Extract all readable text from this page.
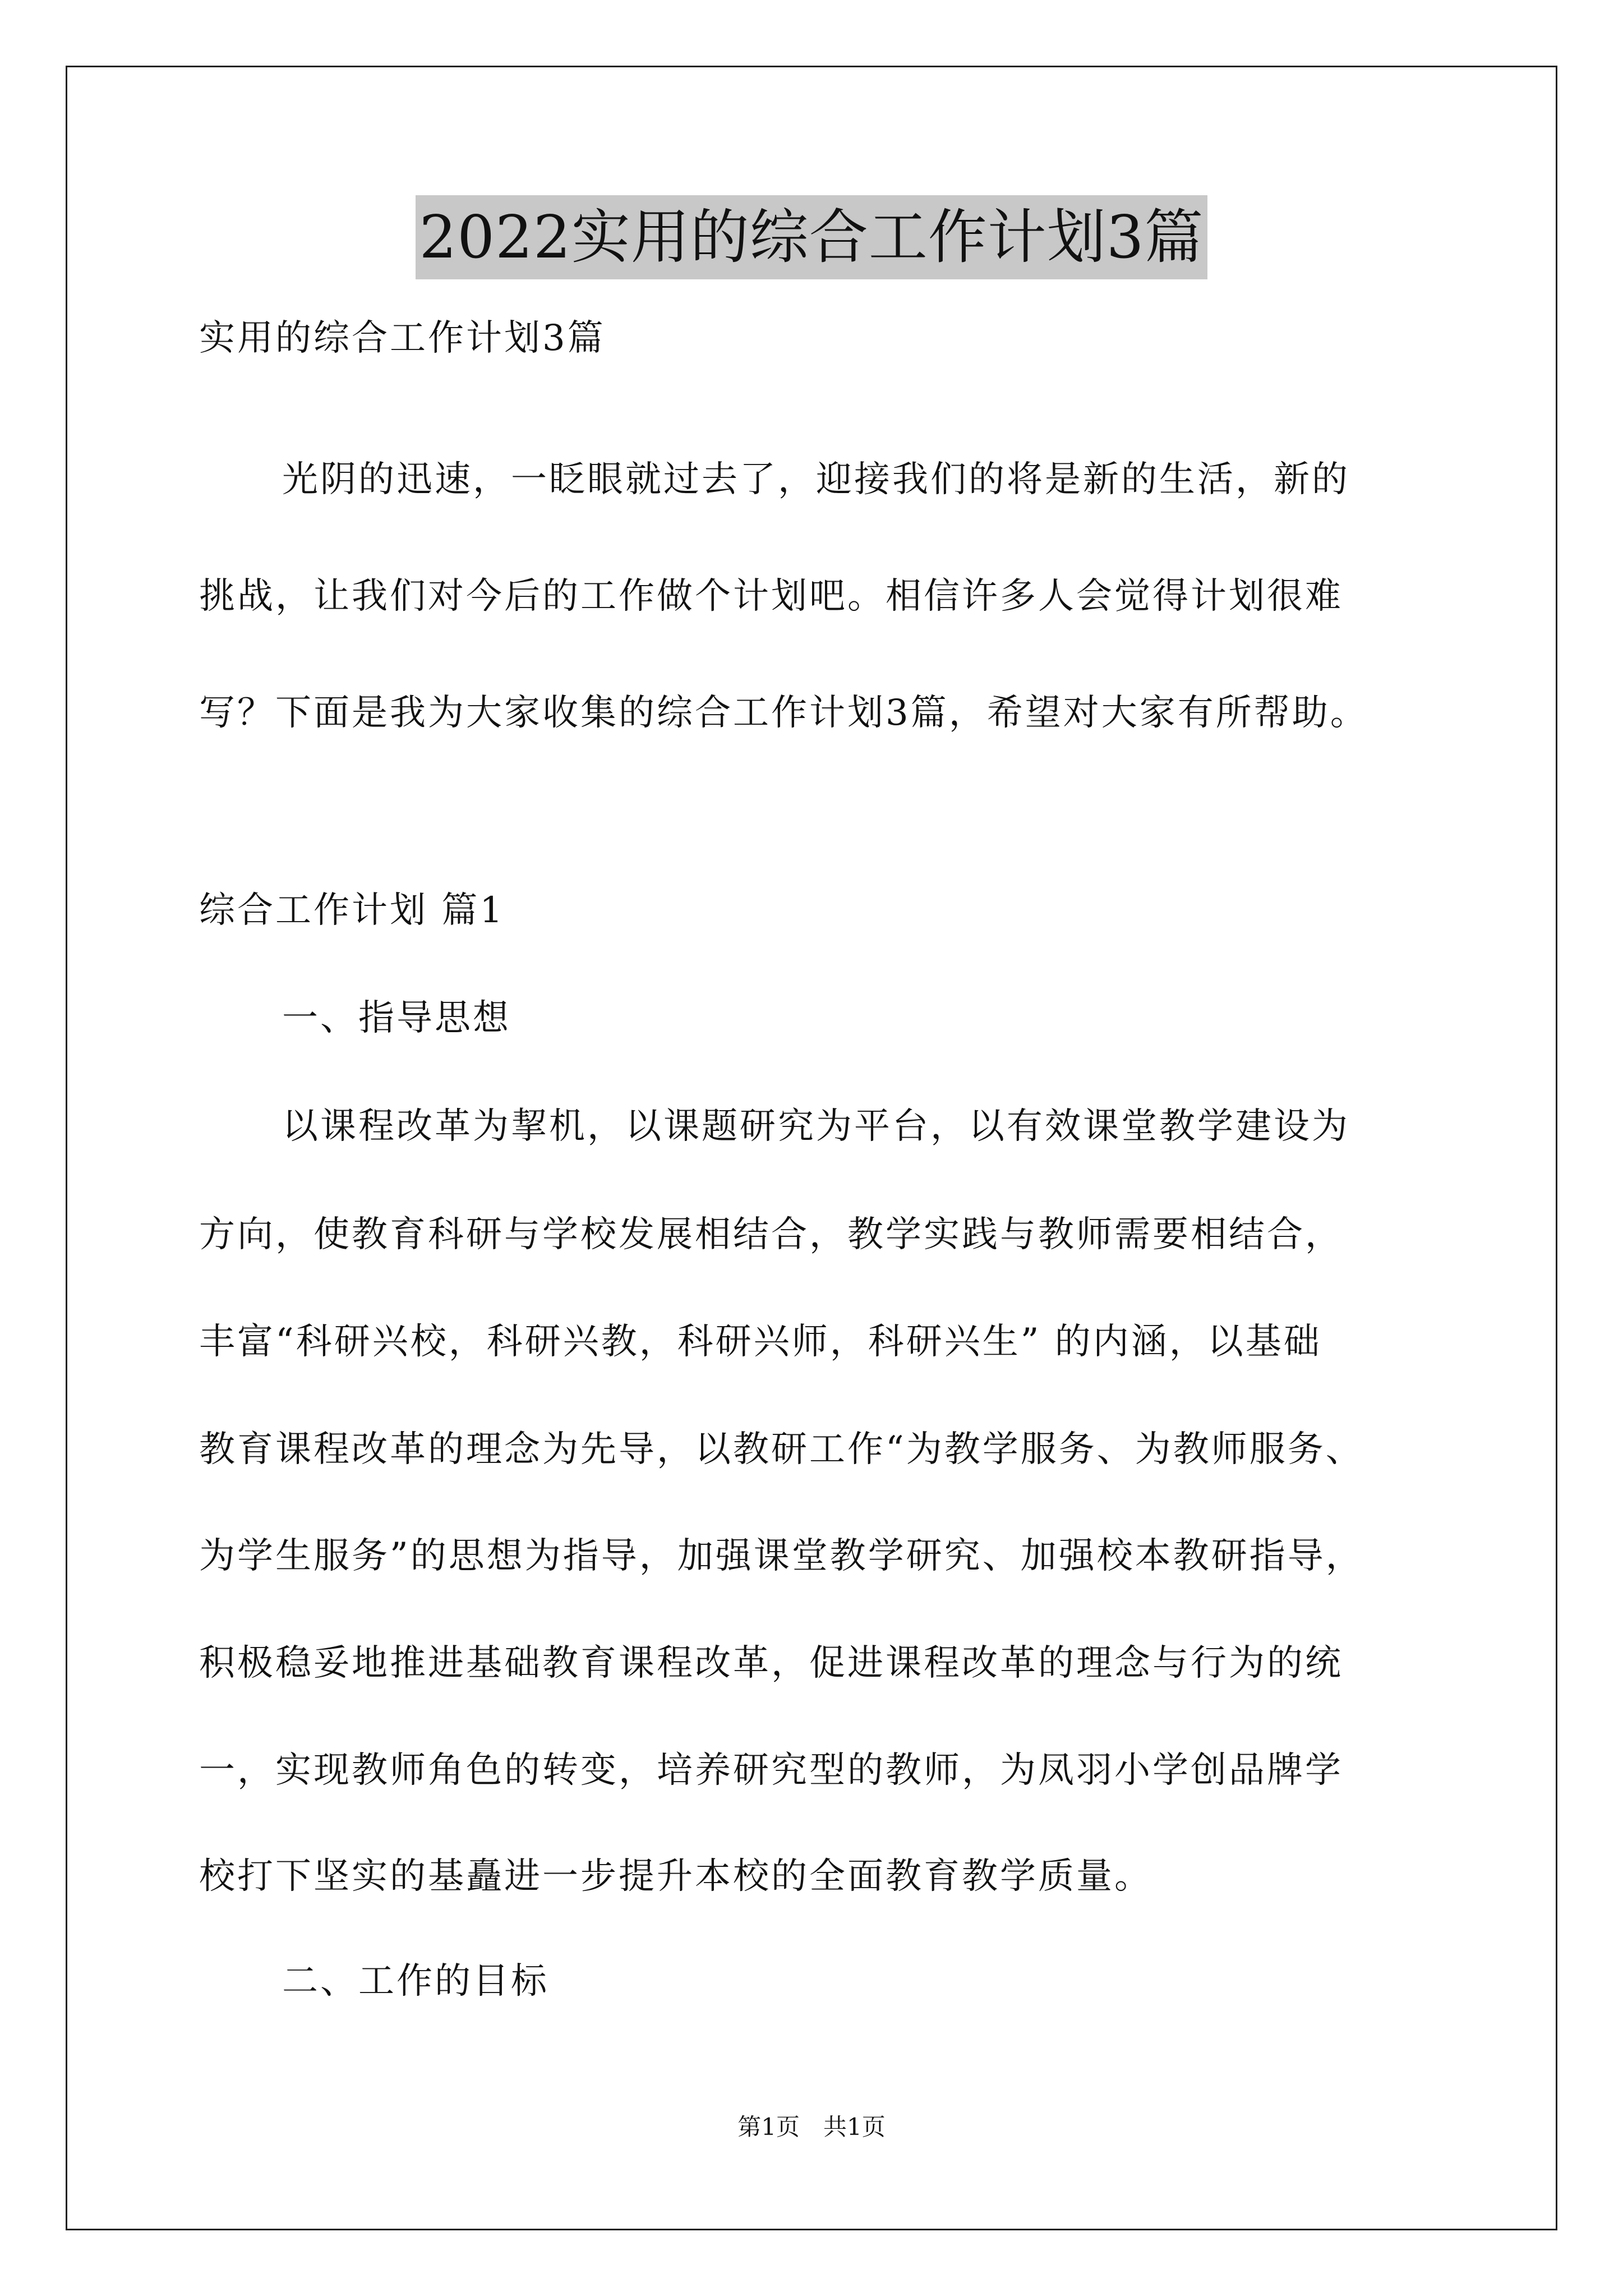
2022实用的综合工作计划3篇
实用的综合工作计划3篇
光阴的迅速，一眨眼就过去了，迎接我们的将是新的生活，新的
挑战，让我们对今后的工作做个计划吧。相信许多人会觉得计划很难
写？下面是我为大家收集的综合工作计划3篇，希望对大家有所帮助。
综合工作计划 篇1
一、指导思想
以课程改革为挈机，以课题研究为平台，以有效课堂教学建设为
方向，使教育科研与学校发展相结合，教学实践与教师需要相结合，
丰富“科研兴校，科研兴教，科研兴师，科研兴生” 的内涵，以基础
教育课程改革的理念为先导，以教研工作“为教学服务、为教师服务、
为学生服务”的思想为指导，加强课堂教学研究、加强校本教研指导，
积极稳妥地推进基础教育课程改革，促进课程改革的理念与行为的统
一，实现教师角色的转变，培养研究型的教师，为凤羽小学创品牌学
校打下坚实的基矗进一步提升本校的全面教育教学质量。
二、工作的目标
第1页　共1页
